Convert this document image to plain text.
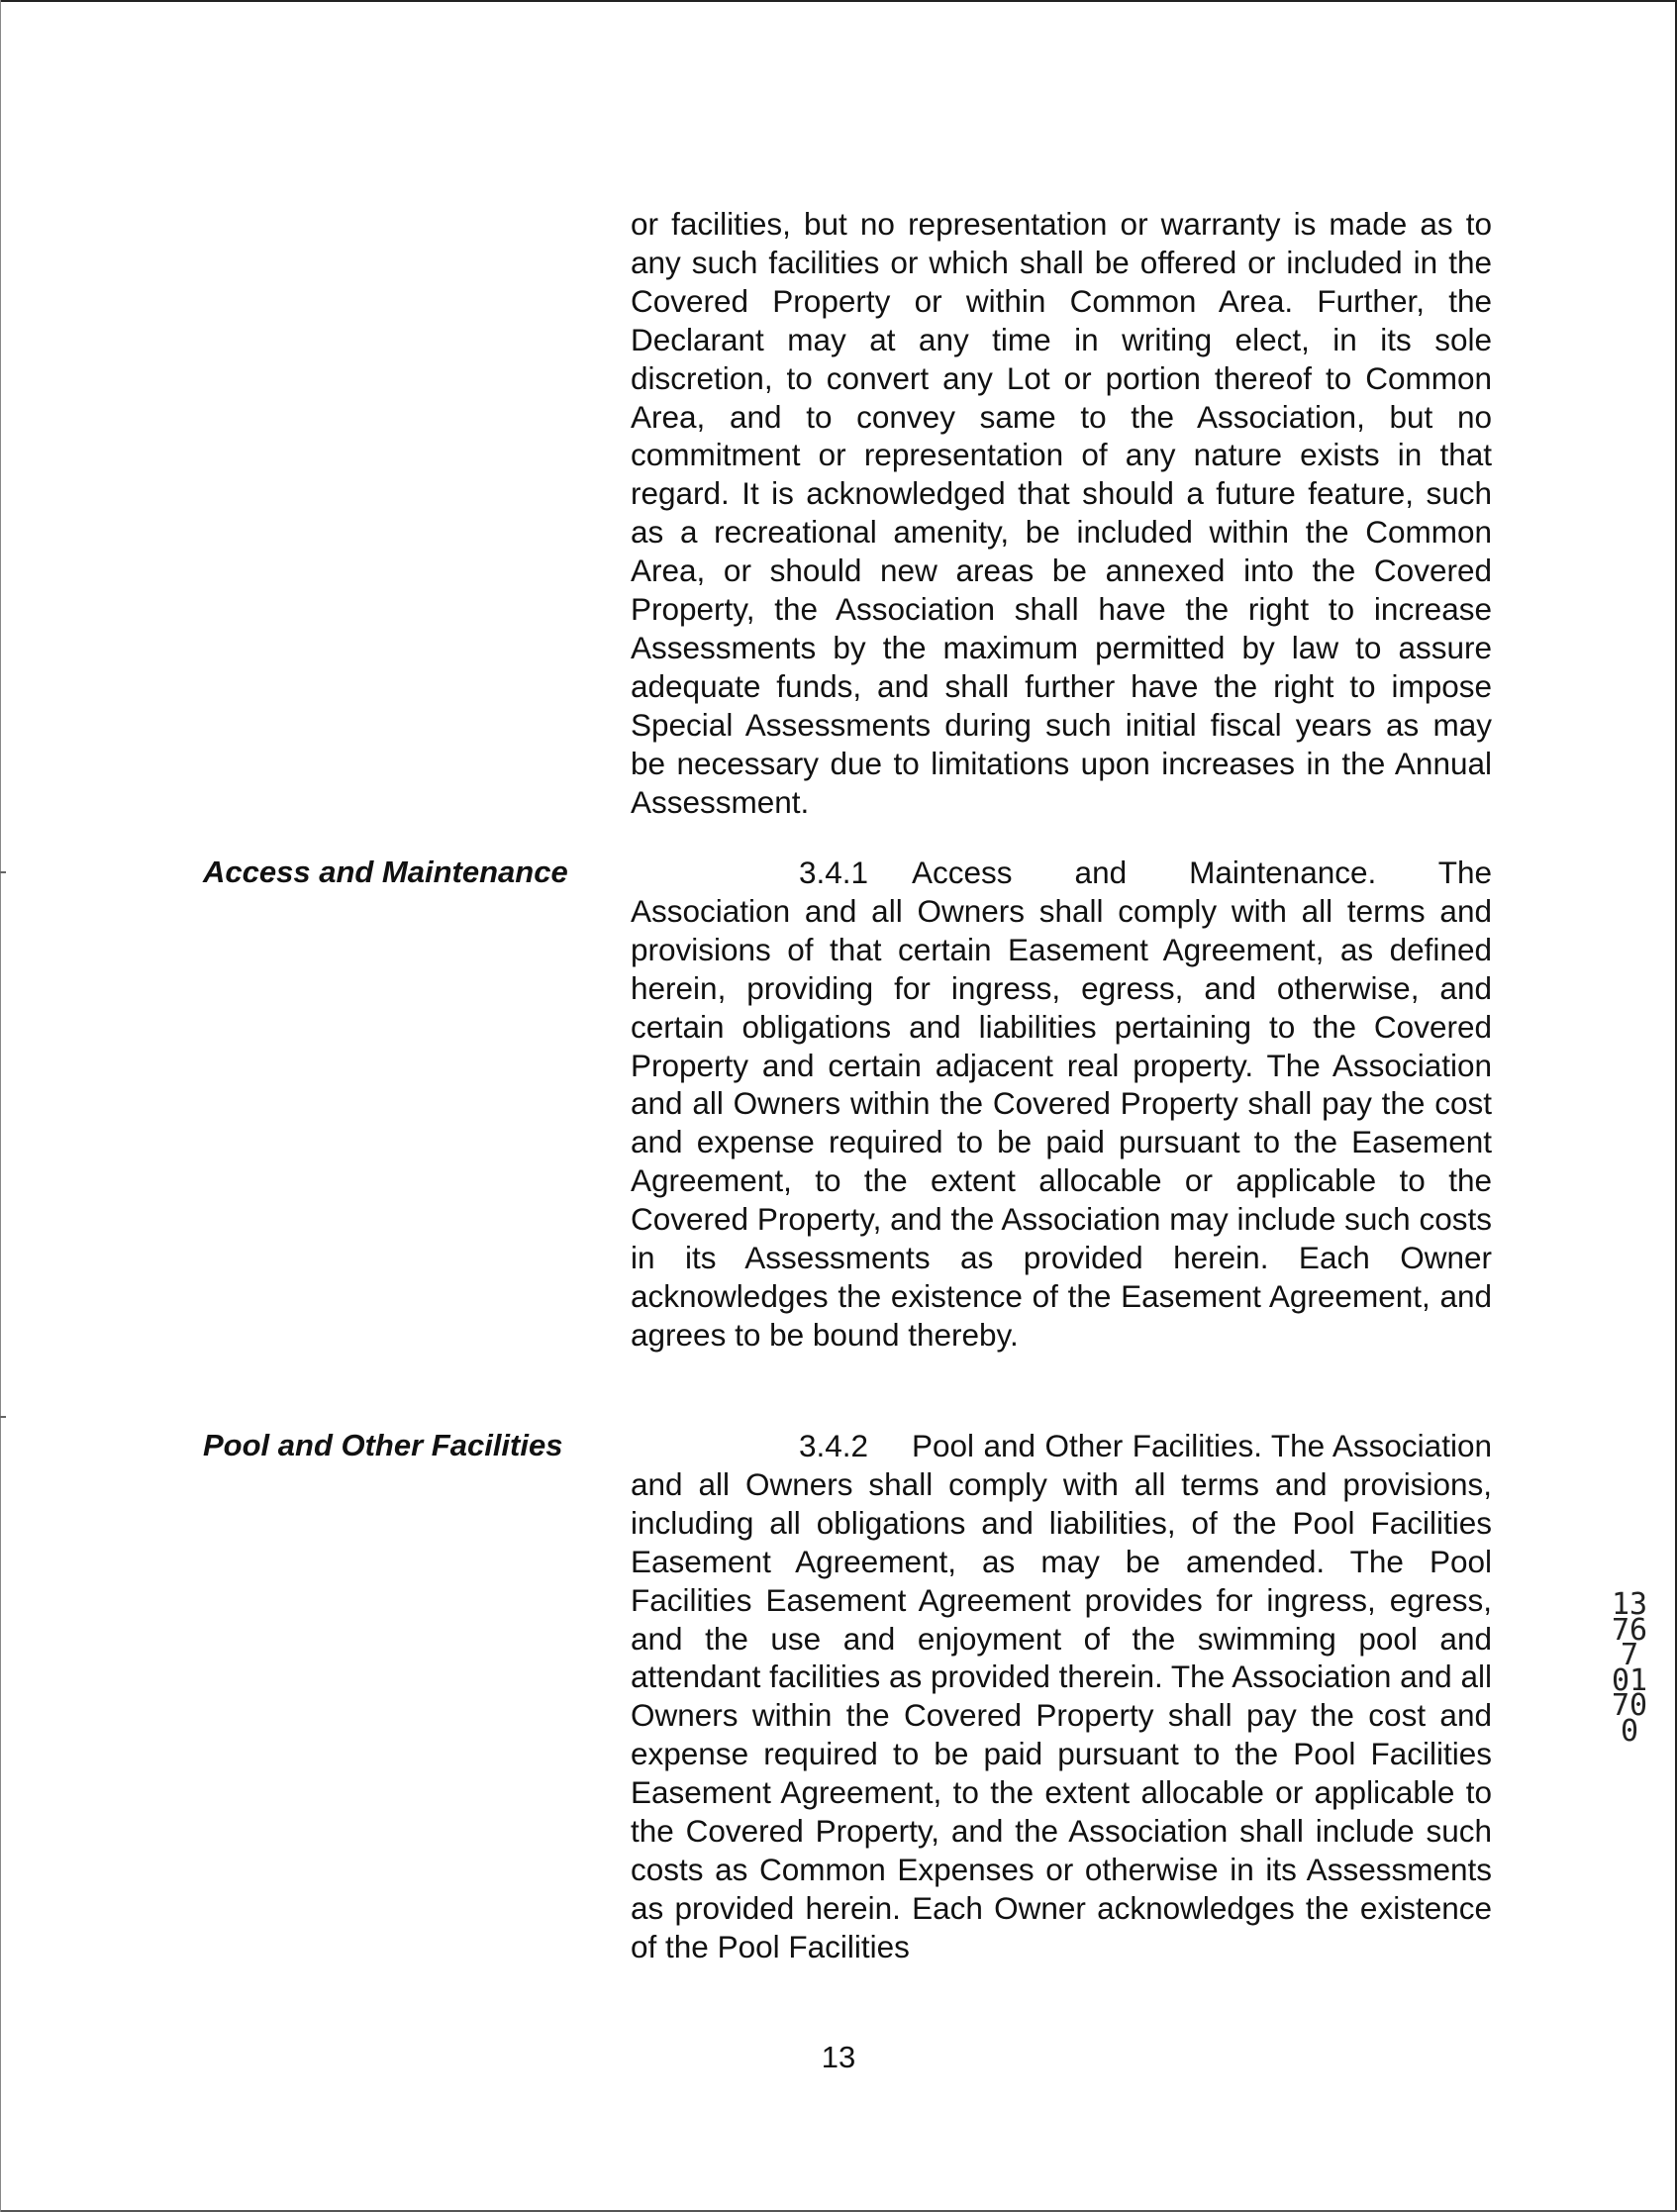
or facilities, but no representation or warranty is made as to any such facilities or which shall be offered or included in the Covered Property or within Common Area. Further, the Declarant may at any time in writing elect, in its sole discretion, to convert any Lot or portion thereof to Common Area, and to convey same to the Association, but no commitment or representation of any nature exists in that regard. It is acknowledged that should a future feature, such as a recreational amenity, be included within the Common Area, or should new areas be annexed into the Covered Property, the Association shall have the right to increase Assessments by the maximum permitted by law to assure adequate funds, and shall further have the right to impose Special Assessments during such initial fiscal years as may be necessary due to limitations upon increases in the Annual Assessment.
Access and Maintenance	3.4.1 Access and Maintenance. The Association and all Owners shall comply with all terms and provisions of that certain Easement Agreement, as defined herein, providing for ingress, egress, and otherwise, and certain obligations and liabilities pertaining to the Covered Property and certain adjacent real property. The Association and all Owners within the Covered Property shall pay the cost and expense required to be paid pursuant to the Easement Agreement, to the extent allocable or applicable to the Covered Property, and the Association may include such costs in its Assessments as provided herein. Each Owner acknowledges the existence of the Easement Agreement, and agrees to be bound thereby.
Pool and Other Facilities	3.4.2 Pool and Other Facilities. The Association and all Owners shall comply with all terms and provisions, including all obligations and liabilities, of the Pool Facilities Easement Agreement, as may be amended. The Pool Facilities Easement Agreement provides for ingress, egress, and the use and enjoyment of the swimming pool and attendant facilities as provided therein. The Association and all Owners within the Covered Property shall pay the cost and expense required to be paid pursuant to the Pool Facilities Easement Agreement, to the extent allocable or applicable to the Covered Property, and the Association shall include such costs as Common Expenses or otherwise in its Assessments as provided herein. Each Owner acknowledges the existence of the Pool Facilities
13
13767 01700
